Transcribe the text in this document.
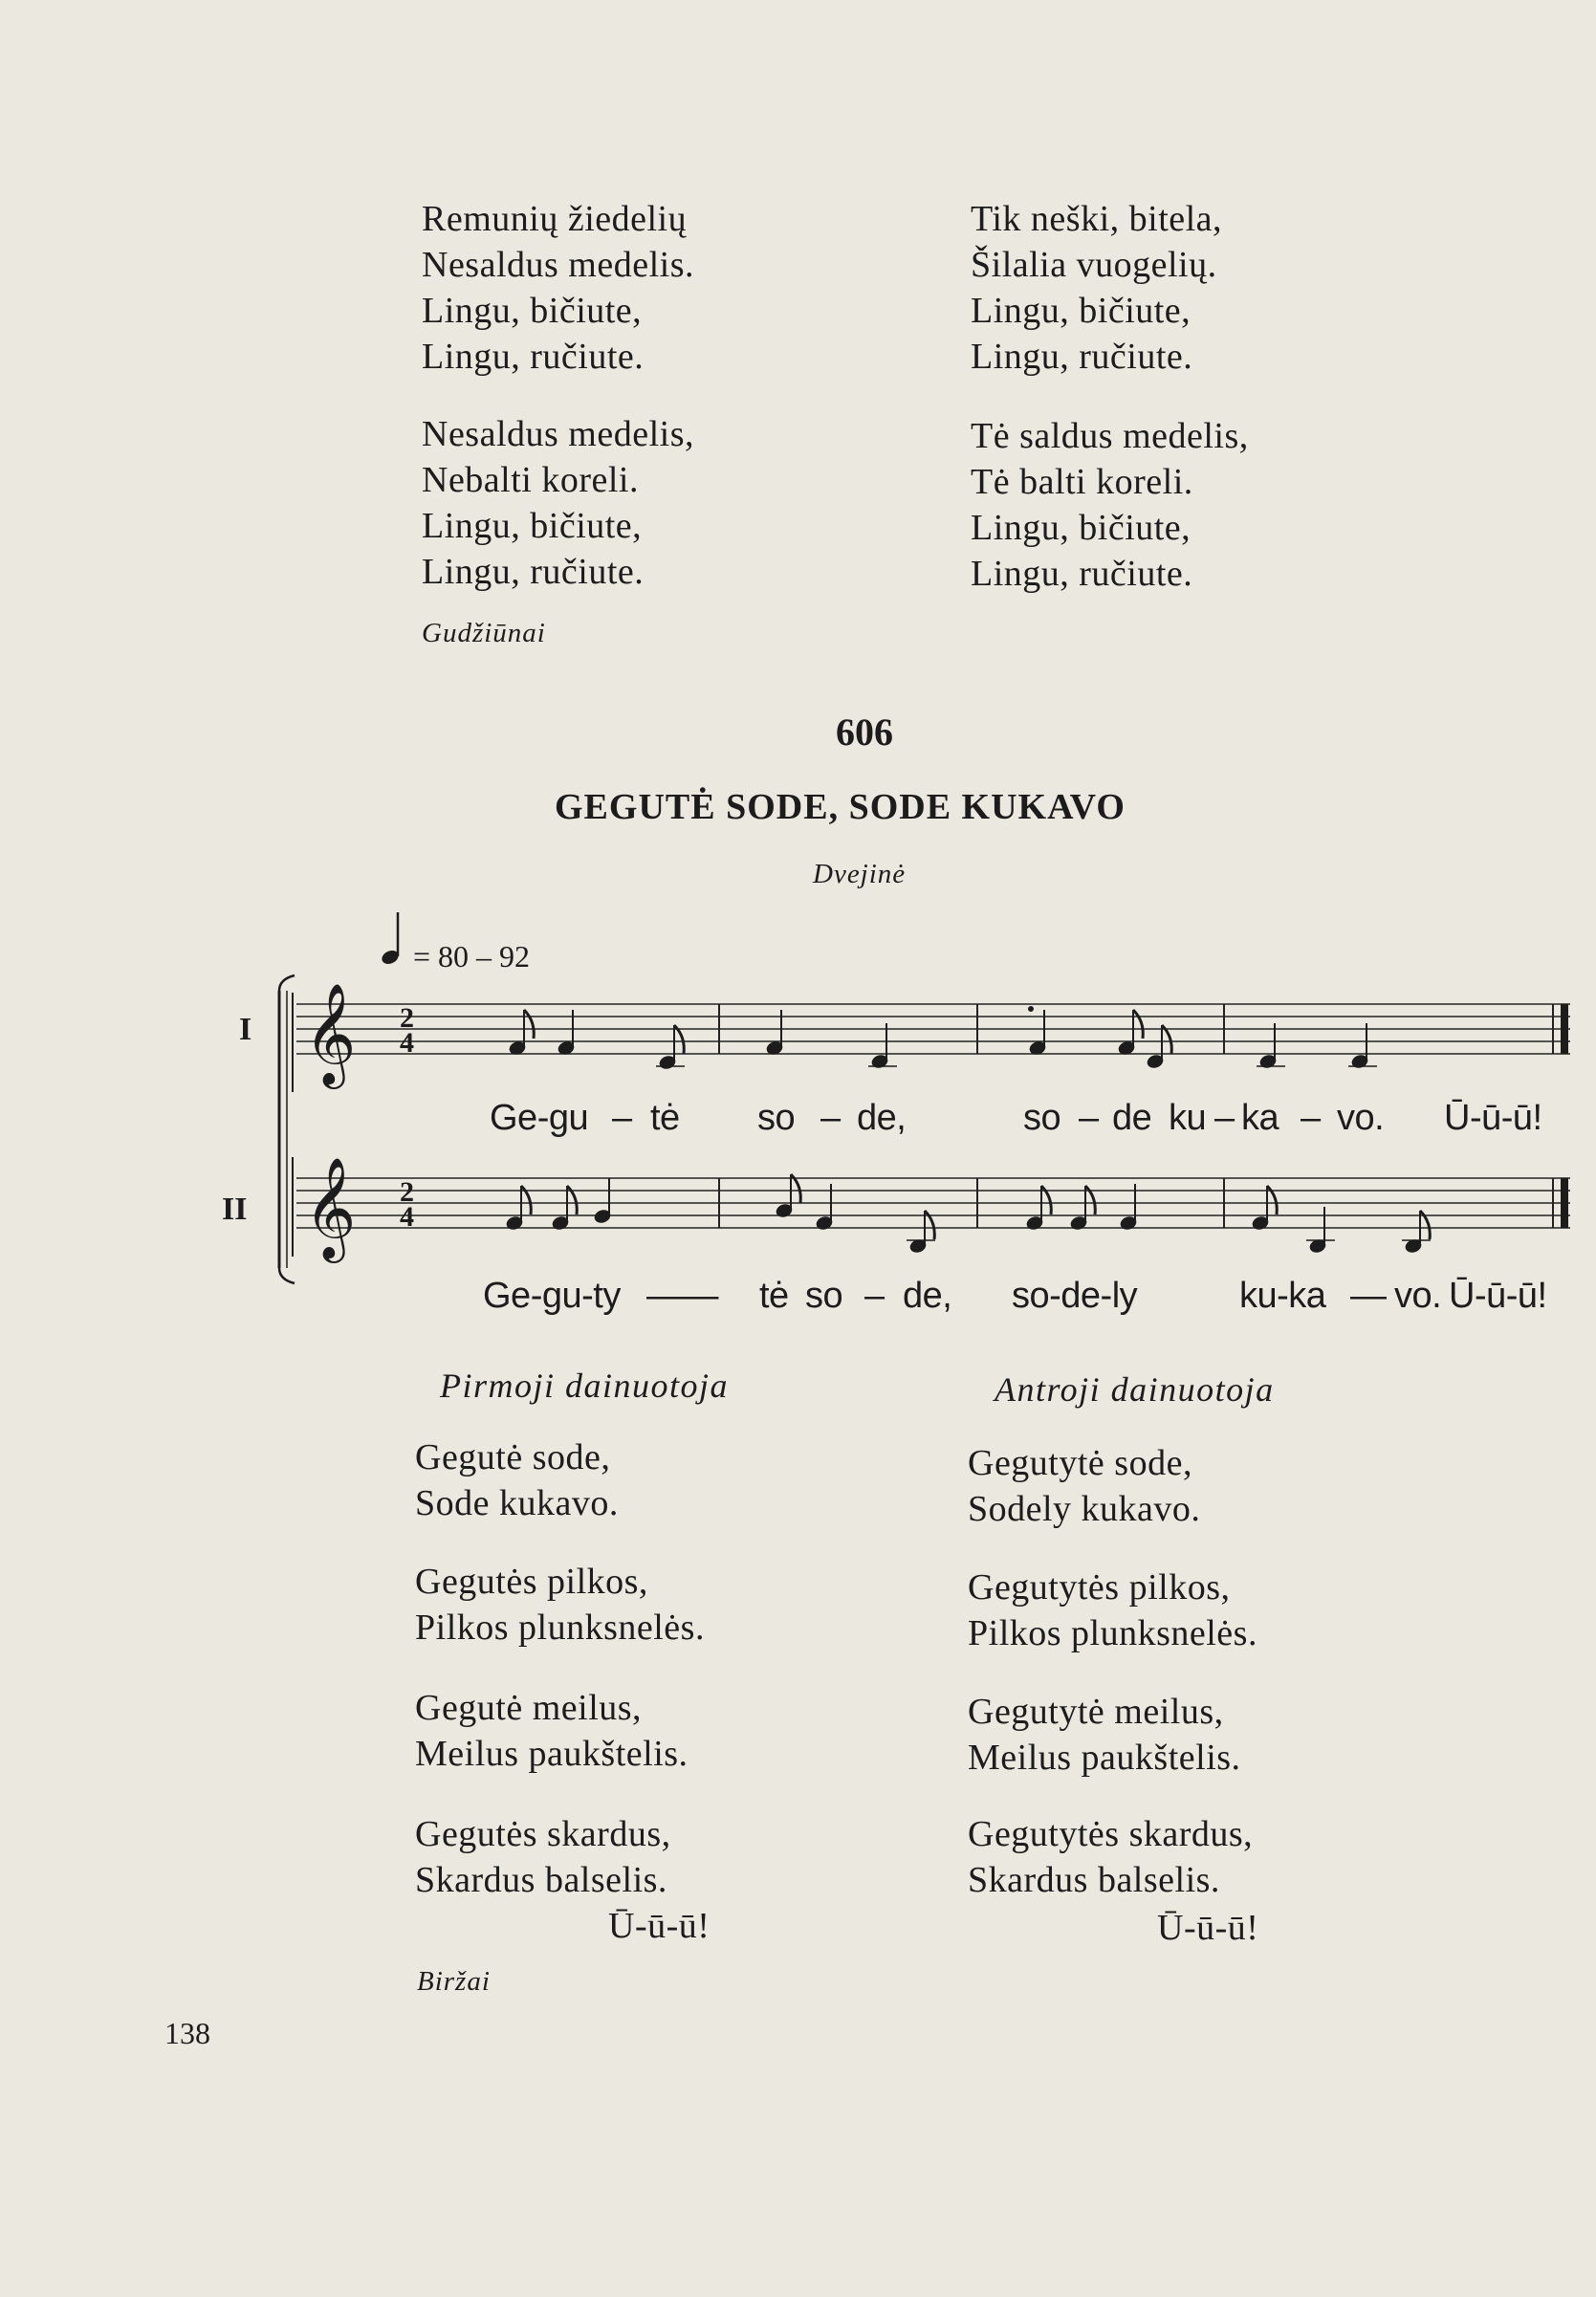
Remunių žiedelių
Nesaldus medelis.
Lingu, bičiute,
Lingu, ručiute.
Nesaldus medelis,
Nebalti koreli.
Lingu, bičiute,
Lingu, ručiute.
Tik neški, bitela,
Šilalia vuogelių.
Lingu, bičiute,
Lingu, ručiute.
Tė saldus medelis,
Tė balti koreli.
Lingu, bičiute,
Lingu, ručiute.
Gudžiūnai
606
GEGUTĖ SODE, SODE KUKAVO
Dvejinė
= 80 – 92
I
II
𝄞
𝄞
2
4
2
4
Ge-gu – tė so – de,	so – de ku – ka – vo. Ū-ū-ū!
Ge-gu-ty —— tė so – de, so-de-ly	ku-ka — vo. Ū-ū-ū!
Pirmoji dainuotoja	Antroji dainuotoja
Gegutė sode,
Sode kukavo.
Gegutės pilkos,
Pilkos plunksnelės.
Gegutė meilus,
Meilus paukštelis.
Gegutės skardus,
Skardus balselis.
Ū-ū-ū!
Gegutytė sode,
Sodely kukavo.
Gegutytės pilkos,
Pilkos plunksnelės.
Gegutytė meilus,
Meilus paukštelis.
Gegutytės skardus,
Skardus balselis.
Ū-ū-ū!
Biržai
138
